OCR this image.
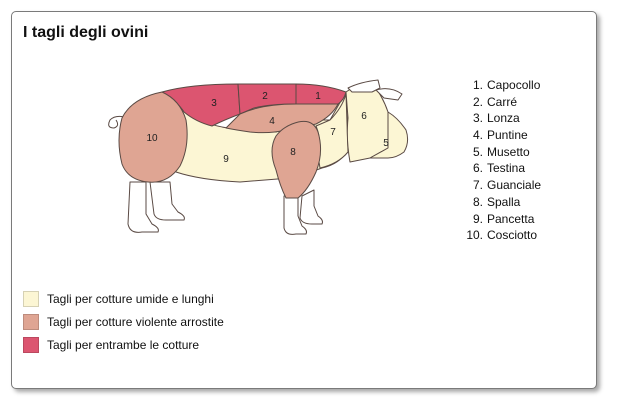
I tagli degli ovini
1
2
3
4
5
6
7
8
9
10
1. Capocollo
2. Carré
3. Lonza
4. Puntine
5. Musetto
6. Testina
7. Guanciale
8. Spalla
9. Pancetta
10. Cosciotto
Tagli per cotture umide e lunghi
Tagli per cotture violente arrostite
Tagli per entrambe le cotture
